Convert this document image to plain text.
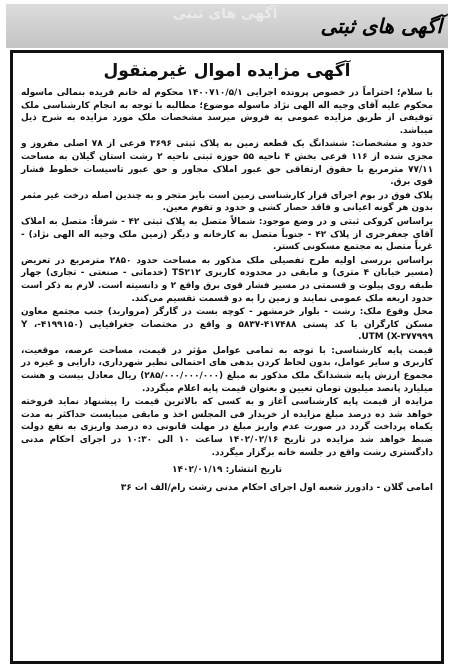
آگهی های ثبتی	آگهی های ثبتی
آگهی مزایده اموال غیرمنقول

با سلام؛ احتراماً در خصوص پرونده اجرایی ۱۴۰۰۷۱۰/۵/۱ محکوم له خانم فریده بنمالی ماسوله محکوم علیه آقای وجیه اله الهی نژاد ماسوله موضوع؛ مطالبه با توجه به انجام کارشناسی ملک توقیفی از طریق مزایده عمومی به فروش میرسد مشخصات ملک مورد مزایده به شرح ذیل میباشد.

حدود و مشخصات: ششدانگ یک قطعه زمین به پلاک ثبتی ۳۶۹۶ فرعی از ۷۸ اصلی مفروز و مجزی شده از ۱۱۶ فرعی بخش ۴ ناحیه ۵۵ حوزه ثبتی ناحیه ۲ رشت استان گیلان به مساحت ۷۷/۱۱ مترمربع با حقوق ارتفاقی حق عبور املاک مجاور و حق عبور تاسیسات خطوط فشار قوی برق.

پلاک فوق در بوم اجرای قرار کارشناسی زمین است بایر متجر و به چندین اصله درخت غیر مثمر بدون هر گونه اعیانی و فاقد حصار کشی و حدود و تقوم معین.

براساس کروکی ثبتی و در وضع موجود: شمالاً متصل به پلاک ثبتی ۴۲ - شرقاً: متصل به املاک آقای جعفرجری از پلاک ۴۲ - جنوباً متصل به کارخانه و دیگر (زمین ملک وجیه اله الهی نژاد) - غرباً متصل به مجتمع مسکونی کستر.

براساس بررسی اولیه طرح تفصیلی ملک مذکور به مساحت حدود ۲۸۵۰ مترمربع در تعریض (مسیر خیابان ۴ متری) و مابقی در محدوده کاربری TS۲۱۲ (خدماتی - صنعتی - تجاری) جهار طبقه روی پیلوت و قسمتی در مسیر فشار قوی برق واقع ۲ و دانسیته است. لازم به ذکر است حدود اربعه ملک عمومی نمایند و زمین را به دو قسمت تقسیم می‌کند.

محل وقوع ملک: رشت - بلوار خرمشهر - کوچه بست در گارگر (مروارید) جنب مجتمع معاون مسکن کارگران با کد پستی ۴۱۷۴۸۸-۵۸۳۷ و واقع در مختصات جغرافیایی (۴۱۹۹۱۵۰-Y ، X-۳۷۷۹۹۹) UTM.

قیمت پایه کارشناسی: با توجه به تمامی عوامل مؤثر در قیمت، مساحت عرصه، موقعیت، کاربری و سایر عوامل، بدون لحاظ کردن بدهی های احتمالی نظیر شهرداری، دارایی و غیره در مجموع ارزش پایه ششدانگ ملک مذکور به مبلغ (۲۸۵/۰۰۰/۰۰۰/۰۰۰) ریال معادل بیست و هشت میلیارد پانصد میلیون تومان تعیین و بعنوان قیمت پایه اعلام میگردد.

مزایده از قیمت پایه کارشناسی آغاز و به کسی که بالاترین قیمت را پیشنهاد نماید فروخته خواهد شد ده درصد مبلغ مزایده از خریدار فی المجلس اخذ و مابقی میبایست حداکثر به مدت یکماه پرداخت گردد در صورت عدم واریز مبلغ در مهلت قانونی ده درصد واریزی به نفع دولت ضبط خواهد شد مزایده در تاریخ ۱۴۰۲/۰۲/۱۶ ساعت ۱۰ الی ۱۰:۳۰ در اجرای احکام مدنی دادگستری رشت واقع در جلسه خانه برگزار میگردد.

تاریخ انتشار: ۱۴۰۲/۰۱/۱۹
امامی گلان - دادورز شعبه اول اجرای احکام مدنی رشت رام/الف ات ۳۶
